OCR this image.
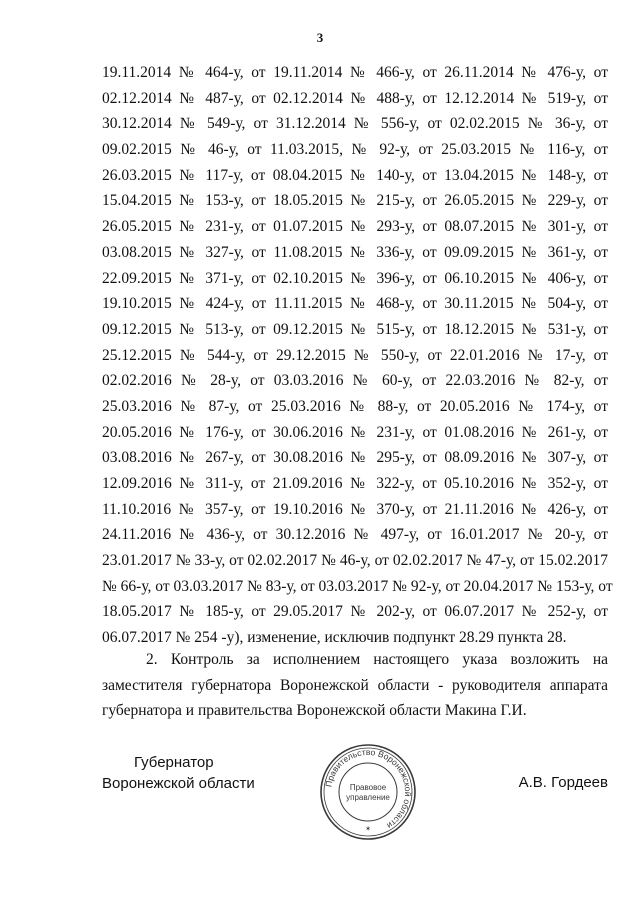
3
19.11.2014 № 464-у, от 19.11.2014 № 466-у, от 26.11.2014 № 476-у, от
02.12.2014 № 487-у, от 02.12.2014 № 488-у, от 12.12.2014 № 519-у, от
30.12.2014 № 549-у, от 31.12.2014 № 556-у, от 02.02.2015 № 36-у, от
09.02.2015 № 46-у, от 11.03.2015, № 92-у, от 25.03.2015 № 116-у, от
26.03.2015 № 117-у, от 08.04.2015 № 140-у, от 13.04.2015 № 148-у, от
15.04.2015 № 153-у, от 18.05.2015 № 215-у, от 26.05.2015 № 229-у, от
26.05.2015 № 231-у, от 01.07.2015 № 293-у, от 08.07.2015 № 301-у, от
03.08.2015 № 327-у, от 11.08.2015 № 336-у, от 09.09.2015 № 361-у, от
22.09.2015 № 371-у, от 02.10.2015 № 396-у, от 06.10.2015 № 406-у, от
19.10.2015 № 424-у, от 11.11.2015 № 468-у, от 30.11.2015 № 504-у, от
09.12.2015 № 513-у, от 09.12.2015 № 515-у, от 18.12.2015 № 531-у, от
25.12.2015 № 544-у, от 29.12.2015 № 550-у, от 22.01.2016 № 17-у, от
02.02.2016 № 28-у, от 03.03.2016 № 60-у, от 22.03.2016 № 82-у, от
25.03.2016 № 87-у, от 25.03.2016 № 88-у, от 20.05.2016 № 174-у, от
20.05.2016 № 176-у, от 30.06.2016 № 231-у, от 01.08.2016 № 261-у, от
03.08.2016 № 267-у, от 30.08.2016 № 295-у, от 08.09.2016 № 307-у, от
12.09.2016 № 311-у, от 21.09.2016 № 322-у, от 05.10.2016 № 352-у, от
11.10.2016 № 357-у, от 19.10.2016 № 370-у, от 21.11.2016 № 426-у, от
24.11.2016 № 436-у, от 30.12.2016 № 497-у, от 16.01.2017 № 20-у, от
23.01.2017 № 33-у, от 02.02.2017 № 46-у, от 02.02.2017 № 47-у, от 15.02.2017
№ 66-у, от 03.03.2017 № 83-у, от 03.03.2017 № 92-у, от 20.04.2017 № 153-у, от
18.05.2017 № 185-у, от 29.05.2017 № 202-у, от 06.07.2017 № 252-у, от
06.07.2017 № 254 -у), изменение, исключив подпункт 28.29 пункта 28.
2. Контроль за исполнением настоящего указа возложить на
заместителя губернатора Воронежской области - руководителя аппарата
губернатора и правительства Воронежской области Макина Г.И.
Губернатор
Воронежской области	Правительство Воронежской области
Правовое
управление
✶
А.В. Гордеев
